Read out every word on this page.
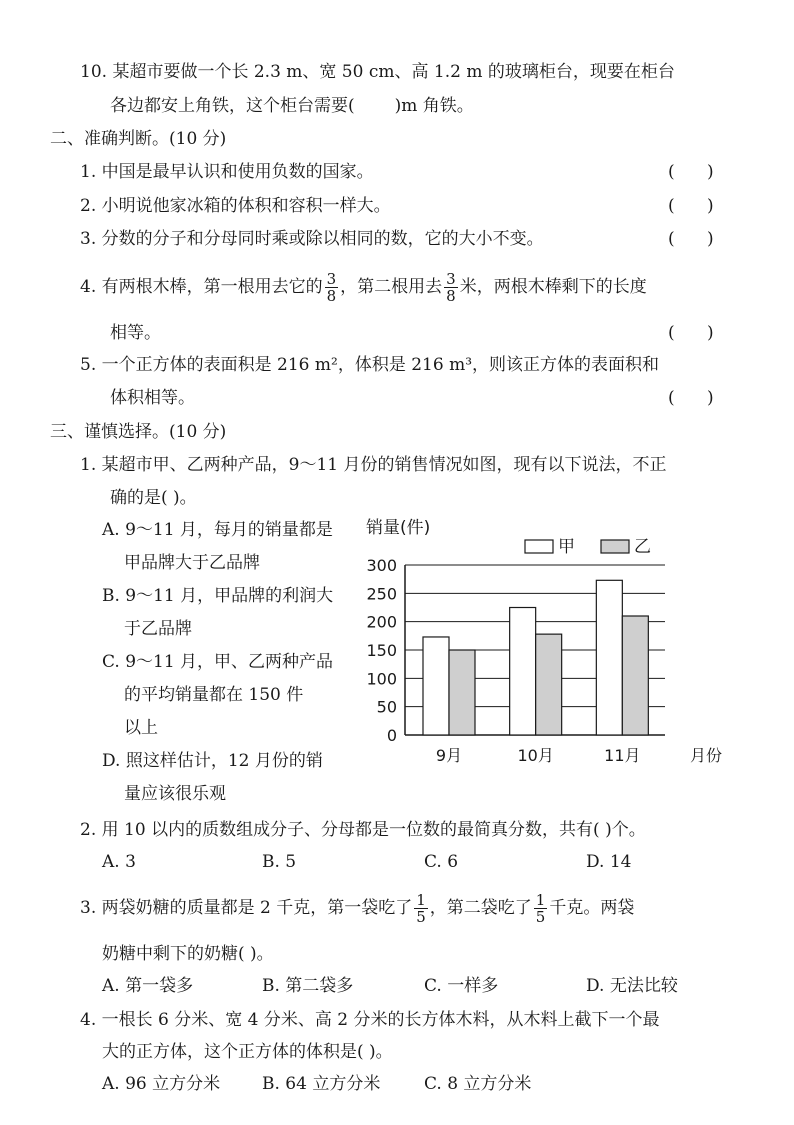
10. 某超市要做一个长 2.3 m、宽 50 cm、高 1.2 m 的玻璃柜台，现要在柜台
各边都安上角铁，这个柜台需要( )m 角铁。
二、准确判断。(10 分)
1. 中国是最早认识和使用负数的国家。	(      )
2. 小明说他家冰箱的体积和容积一样大。	(      )
3. 分数的分子和分母同时乘或除以相同的数，它的大小不变。	(      )
4. 有两根木棒，第一根用去它的 $\frac{3}{8}$ ，第二根用去 $\frac{3}{8}$ 米，两根木棒剩下的长度
相等。	(      )
5. 一个正方体的表面积是 216 m²，体积是 216 m³，则该正方体的表面积和
体积相等。	(      )
三、谨慎选择。(10 分)
1. 某超市甲、乙两种产品，9～11 月份的销售情况如图，现有以下说法，不正
确的是( )。
A. 9～11 月，每月的销量都是
甲品牌大于乙品牌
B. 9～11 月，甲品牌的利润大
于乙品牌
C. 9～11 月，甲、乙两种产品
的平均销量都在 150 件
以上
D. 照这样估计，12 月份的销
量应该很乐观
销量(件)
甲	乙
0
50
100
150
200
250
300
9月	10月	11月	月份
2. 用 10 以内的质数组成分子、分母都是一位数的最简真分数，共有( )个。
A. 3	B. 5	C. 6	D. 14
3. 两袋奶糖的质量都是 2 千克，第一袋吃了 $\frac{1}{5}$ ，第二袋吃了 $\frac{1}{5}$ 千克。两袋
奶糖中剩下的奶糖( )。
A. 第一袋多	B. 第二袋多	C. 一样多	D. 无法比较
4. 一根长 6 分米、宽 4 分米、高 2 分米的长方体木料，从木料上截下一个最
大的正方体，这个正方体的体积是( )。
A. 96 立方分米 B. 64 立方分米	C. 8 立方分米
